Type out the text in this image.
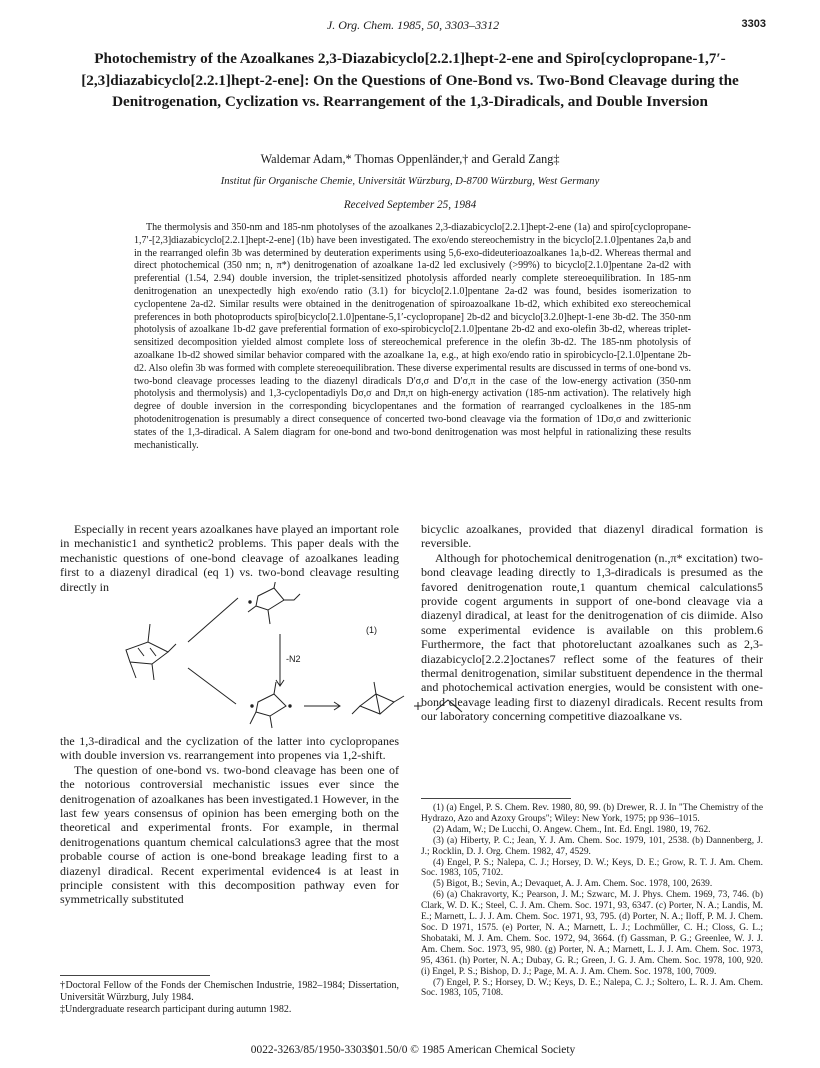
J. Org. Chem. 1985, 50, 3303–3312	3303
Photochemistry of the Azoalkanes 2,3-Diazabicyclo[2.2.1]hept-2-ene and Spiro[cyclopropane-1,7′-[2,3]diazabicyclo[2.2.1]hept-2-ene]: On the Questions of One-Bond vs. Two-Bond Cleavage during the Denitrogenation, Cyclization vs. Rearrangement of the 1,3-Diradicals, and Double Inversion
Waldemar Adam,* Thomas Oppenländer,† and Gerald Zang‡
Institut für Organische Chemie, Universität Würzburg, D-8700 Würzburg, West Germany
Received September 25, 1984

The thermolysis and 350-nm and 185-nm photolyses of the azoalkanes 2,3-diazabicyclo[2.2.1]hept-2-ene (1a) and spiro[cyclopropane-1,7′-[2,3]diazabicyclo[2.2.1]hept-2-ene] (1b) have been investigated. The exo/endo stereochemistry in the bicyclo[2.1.0]pentanes 2a,b and in the rearranged olefin 3b was determined by deuteration experiments using 5,6-exo-dideuterioazoalkanes 1a,b-d2. Whereas thermal and direct photochemical (350 nm; n, π*) denitrogenation of azoalkane 1a-d2 led exclusively (>99%) to bicyclo[2.1.0]pentane 2a-d2 with preferential (1.54, 2.94) double inversion, the triplet-sensitized photolysis afforded nearly complete stereoequilibration. In 185-nm denitrogenation an unexpectedly high exo/endo ratio (3.1) for bicyclo[2.1.0]pentane 2a-d2 was found, besides isomerization to cyclopentene 2a-d2. Similar results were obtained in the denitrogenation of spiroazoalkane 1b-d2, which exhibited exo stereochemical preferences in both photoproducts spiro[bicyclo[2.1.0]pentane-5,1′-cyclopropane] 2b-d2 and bicyclo[3.2.0]hept-1-ene 3b-d2. The 350-nm photolysis of azoalkane 1b-d2 gave preferential formation of exo-spirobicyclo[2.1.0]pentane 2b-d2 and exo-olefin 3b-d2, whereas triplet-sensitized decomposition yielded almost complete loss of stereochemical preference in the olefin 3b-d2. The 185-nm photolysis of azoalkane 1b-d2 showed similar behavior compared with the azoalkane 1a, e.g., at high exo/endo ratio in spirobicyclo-[2.1.0]pentane 2b-d2. Also olefin 3b was formed with complete stereoequilibration. These diverse experimental results are discussed in terms of one-bond vs. two-bond cleavage processes leading to the diazenyl diradicals D′σ,σ and D′σ,π in the case of the low-energy activation (350-nm photolysis and thermolysis) and 1,3-cyclopentadiyls Dσ,σ and Dπ,π on high-energy activation (185-nm activation). The relatively high degree of double inversion in the corresponding bicyclopentanes and the formation of rearranged cycloalkenes in the 185-nm photodenitrogenation is presumably a direct consequence of concerted two-bond cleavage via the formation of 1Dσ,σ and zwitterionic states of the 1,3-diradical. A Salem diagram for one-bond and two-bond denitrogenation was most helpful in rationalizing these results mechanistically.

Especially in recent years azoalkanes have played an important role in mechanistic1 and synthetic2 problems. This paper deals with the mechanistic questions of one-bond cleavage of azoalkanes leading first to a diazenyl diradical (eq 1) vs. two-bond cleavage resulting directly in

-N2
(1)

the 1,3-diradical and the cyclization of the latter into cyclopropanes with double inversion vs. rearrangement into propenes via 1,2-shift.

The question of one-bond vs. two-bond cleavage has been one of the notorious controversial mechanistic issues ever since the denitrogenation of azoalkanes has been investigated.1 However, in the last few years consensus of opinion has been emerging both on the theoretical and experimental fronts. For example, in thermal denitrogenations quantum chemical calculations3 agree that the most probable course of action is one-bond breakage leading first to a diazenyl diradical. Recent experimental evidence4 is at least in principle consistent with this decomposition pathway even for symmetrically substituted

†Doctoral Fellow of the Fonds der Chemischen Industrie, 1982–1984; Dissertation, Universität Würzburg, July 1984.

‡Undergraduate research participant during autumn 1982.

bicyclic azoalkanes, provided that diazenyl diradical formation is reversible.

Although for photochemical denitrogenation (n.,π* excitation) two-bond cleavage leading directly to 1,3-diradicals is presumed as the favored denitrogenation route,1 quantum chemical calculations5 provide cogent arguments in support of one-bond cleavage via a diazenyl diradical, at least for the denitrogenation of cis diimide. Also some experimental evidence is available on this problem.6 Furthermore, the fact that photoreluctant azoalkanes such as 2,3-diazabicyclo[2.2.2]octanes7 reflect some of the features of their thermal denitrogenation, similar substituent dependence in the thermal and photochemical activation energies, would be consistent with one-bond cleavage leading first to diazenyl diradicals. Recent results from our laboratory concerning competitive diazoalkane vs.

(1) (a) Engel, P. S. Chem. Rev. 1980, 80, 99. (b) Drewer, R. J. In "The Chemistry of the Hydrazo, Azo and Azoxy Groups"; Wiley: New York, 1975; pp 936–1015.

(2) Adam, W.; De Lucchi, O. Angew. Chem., Int. Ed. Engl. 1980, 19, 762.

(3) (a) Hiberty, P. C.; Jean, Y. J. Am. Chem. Soc. 1979, 101, 2538. (b) Dannenberg, J. J.; Rocklin, D. J. Org. Chem. 1982, 47, 4529.

(4) Engel, P. S.; Nalepa, C. J.; Horsey, D. W.; Keys, D. E.; Grow, R. T. J. Am. Chem. Soc. 1983, 105, 7102.

(5) Bigot, B.; Sevin, A.; Devaquet, A. J. Am. Chem. Soc. 1978, 100, 2639.

(6) (a) Chakravorty, K.; Pearson, J. M.; Szwarc, M. J. Phys. Chem. 1969, 73, 746. (b) Clark, W. D. K.; Steel, C. J. Am. Chem. Soc. 1971, 93, 6347. (c) Porter, N. A.; Landis, M. E.; Marnett, L. J. J. Am. Chem. Soc. 1971, 93, 795. (d) Porter, N. A.; Iloff, P. M. J. Chem. Soc. D 1971, 1575. (e) Porter, N. A.; Marnett, L. J.; Lochmüller, C. H.; Closs, G. L.; Shobataki, M. J. Am. Chem. Soc. 1972, 94, 3664. (f) Gassman, P. G.; Greenlee, W. J. J. Am. Chem. Soc. 1973, 95, 980. (g) Porter, N. A.; Marnett, L. J. J. Am. Chem. Soc. 1973, 95, 4361. (h) Porter, N. A.; Dubay, G. R.; Green, J. G. J. Am. Chem. Soc. 1978, 100, 920. (i) Engel, P. S.; Bishop, D. J.; Page, M. A. J. Am. Chem. Soc. 1978, 100, 7009.

(7) Engel, P. S.; Horsey, D. W.; Keys, D. E.; Nalepa, C. J.; Soltero, L. R. J. Am. Chem. Soc. 1983, 105, 7108.

0022-3263/85/1950-3303$01.50/0 © 1985 American Chemical Society
